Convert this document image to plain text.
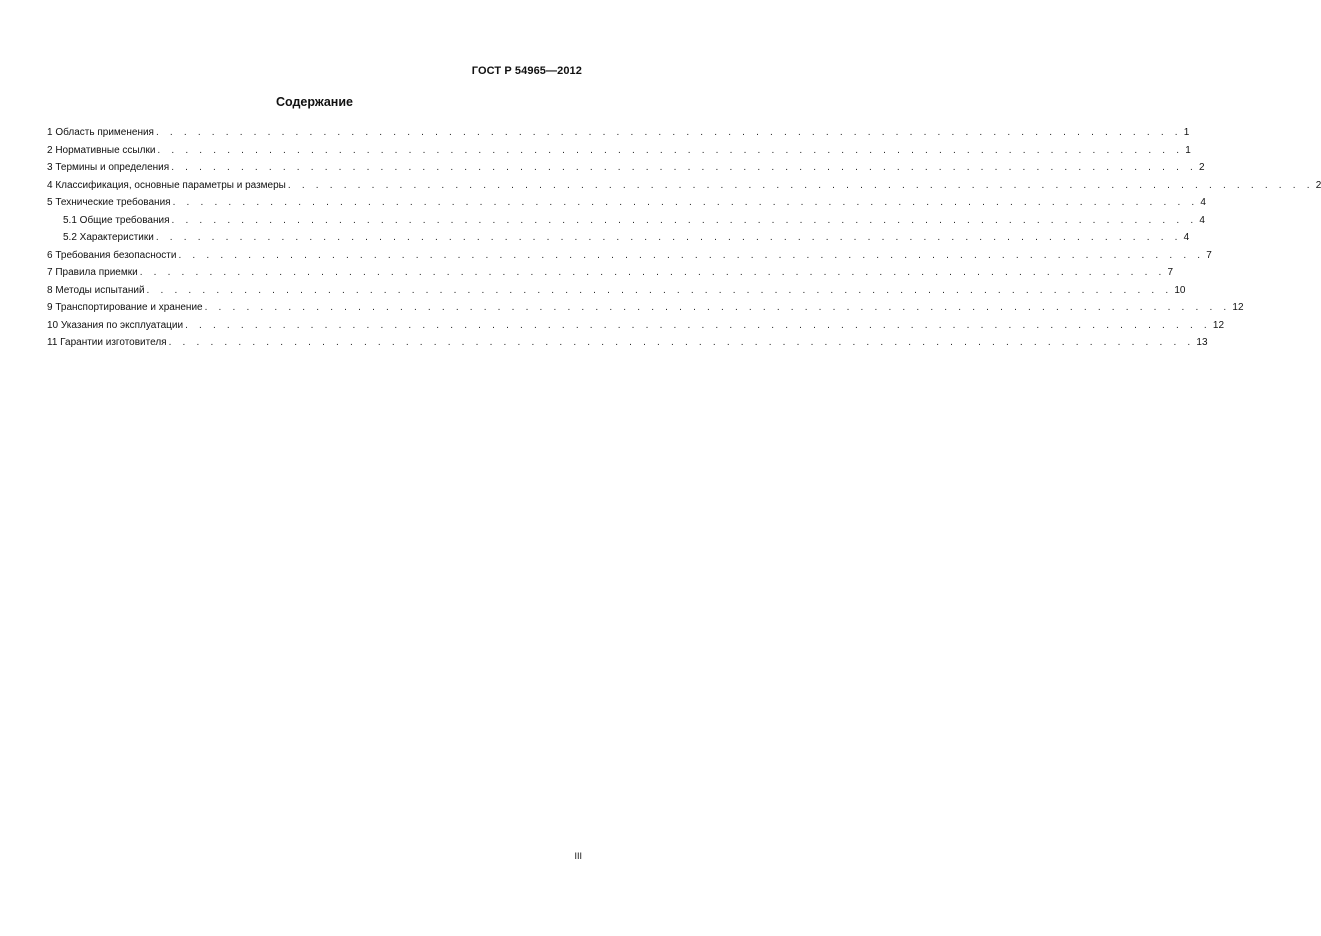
ГОСТ Р 54965—2012
Содержание
1 Область применения . . . . . . . . . . . . . . . . . . . . . . . . . . . . . . . . . . . . . . . . . . . . . . . . . . . . . . . . . . . . . . . . . . . . . . . . . . 1
2 Нормативные ссылки . . . . . . . . . . . . . . . . . . . . . . . . . . . . . . . . . . . . . . . . . . . . . . . . . . . . . . . . . . . . . . . . . . . . . . . . . . 1
3 Термины и определения . . . . . . . . . . . . . . . . . . . . . . . . . . . . . . . . . . . . . . . . . . . . . . . . . . . . . . . . . . . . . . . . . . . . . . . . . . 2
4 Классификация, основные параметры и размеры . . . . . . . . . . . . . . . . . . . . . . . . . . . . . . . . . . . . . . . . . . . . . . . . . . . . . . . . . . . . . . . . . . . . . . . . . . 2
5 Технические требования . . . . . . . . . . . . . . . . . . . . . . . . . . . . . . . . . . . . . . . . . . . . . . . . . . . . . . . . . . . . . . . . . . . . . . . . . . 4
5.1 Общие требования . . . . . . . . . . . . . . . . . . . . . . . . . . . . . . . . . . . . . . . . . . . . . . . . . . . . . . . . . . . . . . . . . . . . . . . . . . 4
5.2 Характеристики . . . . . . . . . . . . . . . . . . . . . . . . . . . . . . . . . . . . . . . . . . . . . . . . . . . . . . . . . . . . . . . . . . . . . . . . . . 4
6 Требования безопасности . . . . . . . . . . . . . . . . . . . . . . . . . . . . . . . . . . . . . . . . . . . . . . . . . . . . . . . . . . . . . . . . . . . . . . . . . . 7
7 Правила приемки . . . . . . . . . . . . . . . . . . . . . . . . . . . . . . . . . . . . . . . . . . . . . . . . . . . . . . . . . . . . . . . . . . . . . . . . . . 7
8 Методы испытаний . . . . . . . . . . . . . . . . . . . . . . . . . . . . . . . . . . . . . . . . . . . . . . . . . . . . . . . . . . . . . . . . . . . . . . . . . . 10
9 Транспортирование и хранение . . . . . . . . . . . . . . . . . . . . . . . . . . . . . . . . . . . . . . . . . . . . . . . . . . . . . . . . . . . . . . . . . . . . . . . . . . 12
10 Указания по эксплуатации . . . . . . . . . . . . . . . . . . . . . . . . . . . . . . . . . . . . . . . . . . . . . . . . . . . . . . . . . . . . . . . . . . . . . . . . . . 12
11 Гарантии изготовителя . . . . . . . . . . . . . . . . . . . . . . . . . . . . . . . . . . . . . . . . . . . . . . . . . . . . . . . . . . . . . . . . . . . . . . . . . . 13
III
